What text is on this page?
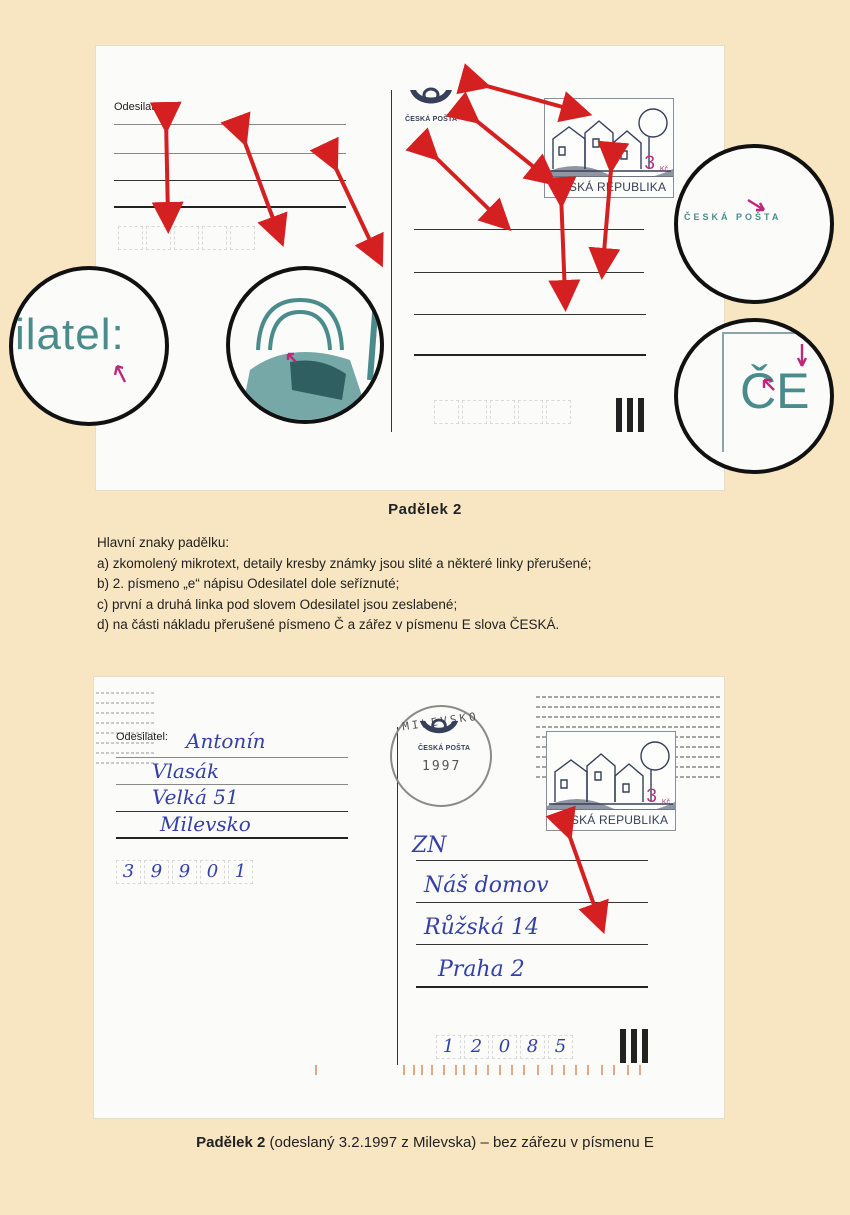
Odesilatel:
ČESKÁ POŠTA
3 Kč
ČESKÁ REPUBLIKA
ilatel:
ČESKÁ POŠTA
ČE
Padělek 2
Hlavní znaky padělku:
a) zkomolený mikrotext, detaily kresby známky jsou slité a některé linky přerušené;
b) 2. písmeno „e“ nápisu Odesilatel dole seříznuté;
c) první a druhá linka pod slovem Odesilatel jsou zeslabené;
d) na části nákladu přerušené písmeno Č a zářez v písmenu E slova ČESKÁ.
Odesilatel: Antonín
Vlasák
Velká 51
Milevsko
3 9 9 0 1
MILEVSKO
1997
ČESKÁ POŠTA
3 Kč
ČESKÁ REPUBLIKA
ZN
Náš domov
Růžská 14
Praha 2
1 2 0 8 5
Padělek 2 (odeslaný 3.2.1997 z Milevska) – bez zářezu v písmenu E
